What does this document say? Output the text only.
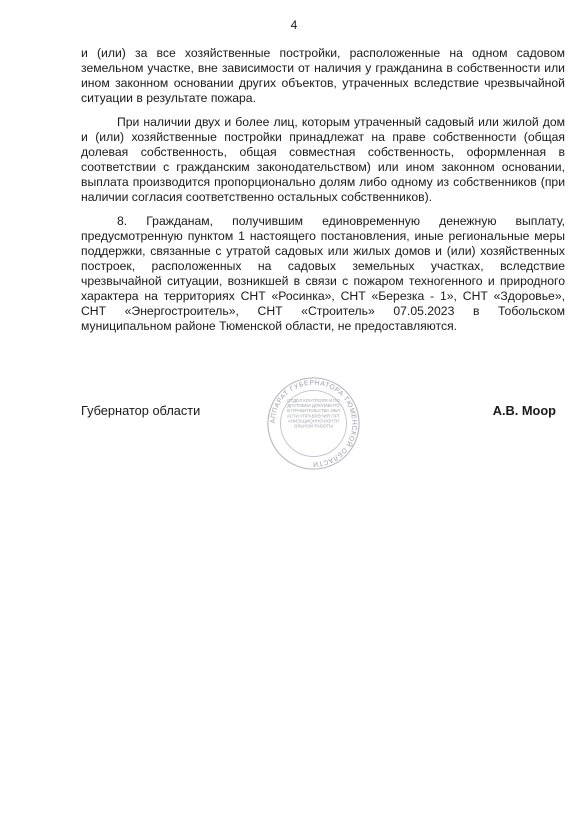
4

и (или) за все хозяйственные постройки, расположенные на одном садовом земельном участке, вне зависимости от наличия у гражданина в собственности или ином законном основании других объектов, утраченных вследствие чрезвычайной ситуации в результате пожара.

При наличии двух и более лиц, которым утраченный садовый или жилой дом и (или) хозяйственные постройки принадлежат на праве собственности (общая долевая собственность, общая совместная собственность, оформленная в соответствии с гражданским законодательством) или ином законном основании, выплата производится пропорционально долям либо одному из собственников (при наличии согласия соответственно остальных собственников).

8. Гражданам, получившим единовременную денежную выплату, предусмотренную пунктом 1 настоящего постановления, иные региональные меры поддержки, связанные с утратой садовых или жилых домов и (или) хозяйственных построек, расположенных на садовых земельных участках, вследствие чрезвычайной ситуации, возникшей в связи с пожаром техногенного и природного характера на территориях СНТ «Росинка», СНТ «Березка - 1», СНТ «Здоровье», СНТ «Энергостроитель», СНТ «Строитель» 07.05.2023 в Тобольском муниципальном районе Тюменской области, не предоставляются.

Губернатор области	А.В. Моор
АППАРАТ ГУБЕРНАТОРА ТЮМЕНСКОЙ ОБЛАСТИ
ОТДЕЛ КОНТРОЛЯ И ПОДГОТОВКИ ДОКУМЕНТОВ ПРАВИТЕЛЬСТВА ОБЛАСТИ УПРАВЛЕНИЯ ОРГАНИЗАЦИОННО-КОНТРОЛЬНОЙ РАБОТЫ
